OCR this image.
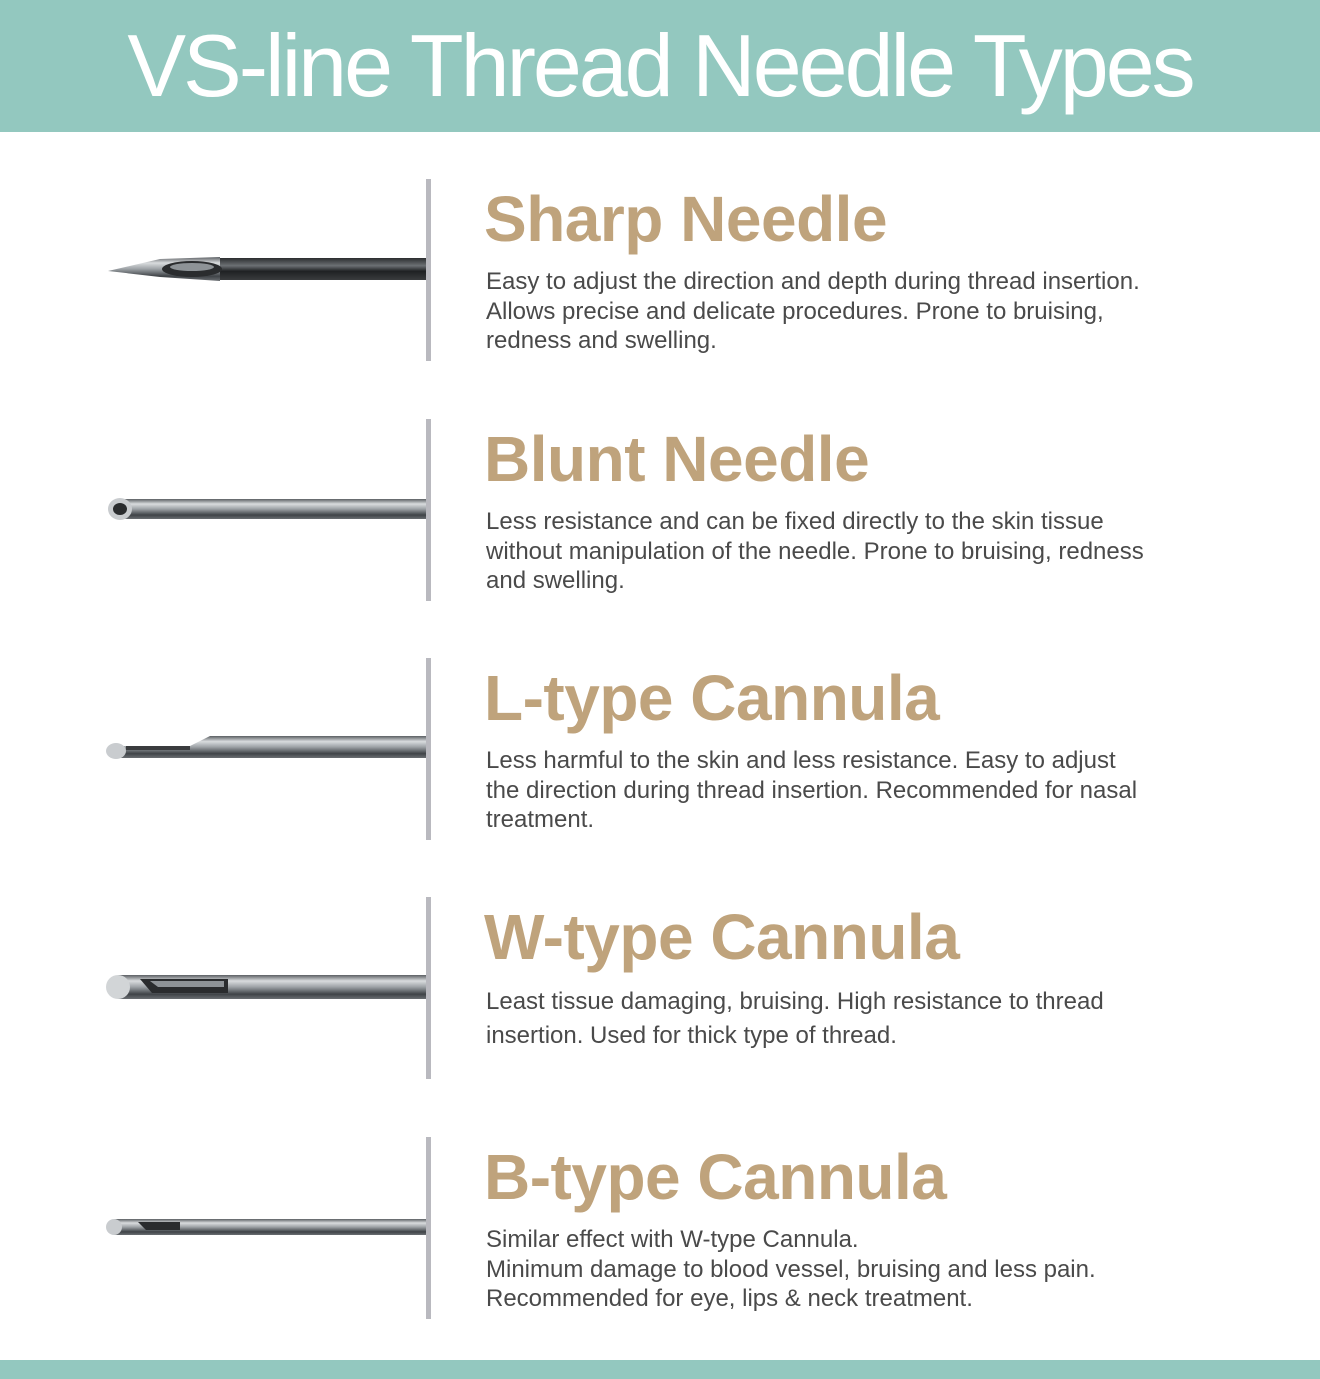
VS-line Thread Needle Types
Sharp Needle

Easy to adjust the direction and depth during thread insertion.
Allows precise and delicate procedures. Prone to bruising,
redness and swelling.

Blunt Needle

Less resistance and can be fixed directly to the skin tissue
without manipulation of the needle. Prone to bruising, redness
and swelling.

L-type Cannula

Less harmful to the skin and less resistance. Easy to adjust
the direction during thread insertion. Recommended for nasal
treatment.

W-type Cannula

Least tissue damaging, bruising. High resistance to thread
insertion. Used for thick type of thread.

B-type Cannula

Similar effect with W-type Cannula.
Minimum damage to blood vessel, bruising and less pain.
Recommended for eye, lips & neck treatment.
